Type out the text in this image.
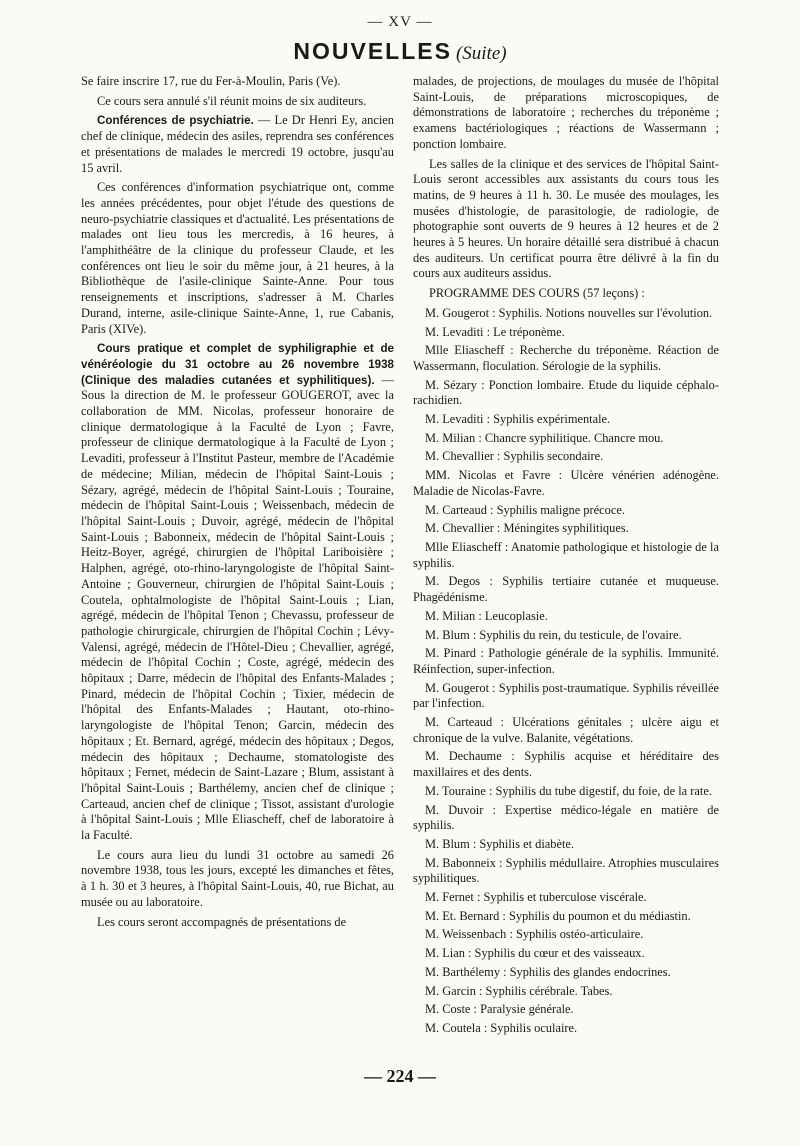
— XV —
NOUVELLES (Suite)

Se faire inscrire 17, rue du Fer-à-Moulin, Paris (Ve).

Ce cours sera annulé s'il réunit moins de six auditeurs.

Conférences de psychiatrie. — Le Dr Henri Ey, ancien chef de clinique, médecin des asiles, reprendra ses conférences et présentations de malades le mercredi 19 octobre, jusqu'au 15 avril.

Ces conférences d'information psychiatrique ont, comme les années précédentes, pour objet l'étude des questions de neuro-psychiatrie classiques et d'actualité. Les présentations de malades ont lieu tous les mercredis, à 16 heures, à l'amphithéâtre de la clinique du professeur Claude, et les conférences ont lieu le soir du même jour, à 21 heures, à la Bibliothèque de l'asile-clinique Sainte-Anne. Pour tous renseignements et inscriptions, s'adresser à M. Charles Durand, interne, asile-clinique Sainte-Anne, 1, rue Cabanis, Paris (XIVe).

Cours pratique et complet de syphiligraphie et de vénéréologie du 31 octobre au 26 novembre 1938 (Clinique des maladies cutanées et syphilitiques). — Sous la direction de M. le professeur GOUGEROT, avec la collaboration de MM. Nicolas, professeur honoraire de clinique dermatologique à la Faculté de Lyon ; Favre, professeur de clinique dermatologique à la Faculté de Lyon ; Levaditi, professeur à l'Institut Pasteur, membre de l'Académie de médecine; Milian, médecin de l'hôpital Saint-Louis ; Sézary, agrégé, médecin de l'hôpital Saint-Louis ; Touraine, médecin de l'hôpital Saint-Louis ; Weissenbach, médecin de l'hôpital Saint-Louis ; Duvoir, agrégé, médecin de l'hôpital Saint-Louis ; Babonneix, médecin de l'hôpital Saint-Louis ; Heitz-Boyer, agrégé, chirurgien de l'hôpital Lariboisière ; Halphen, agrégé, oto-rhino-laryngologiste de l'hôpital Saint-Antoine ; Gouverneur, chirurgien de l'hôpital Saint-Louis ; Coutela, ophtalmologiste de l'hôpital Saint-Louis ; Lian, agrégé, médecin de l'hôpital Tenon ; Chevassu, professeur de pathologie chirurgicale, chirurgien de l'hôpital Cochin ; Lévy-Valensi, agrégé, médecin de l'Hôtel-Dieu ; Chevallier, agrégé, médecin de l'hôpital Cochin ; Coste, agrégé, médecin des hôpitaux ; Darre, médecin de l'hôpital des Enfants-Malades ; Pinard, médecin de l'hôpital Cochin ; Tixier, médecin de l'hôpital des Enfants-Malades ; Hautant, oto-rhino-laryngologiste de l'hôpital Tenon; Garcin, médecin des hôpitaux ; Et. Bernard, agrégé, médecin des hôpitaux ; Degos, médecin des hôpitaux ; Dechaume, stomatologiste des hôpitaux ; Fernet, médecin de Saint-Lazare ; Blum, assistant à l'hôpital Saint-Louis ; Barthélemy, ancien chef de clinique ; Carteaud, ancien chef de clinique ; Tissot, assistant d'urologie à l'hôpital Saint-Louis ; Mlle Eliascheff, chef de laboratoire à la Faculté.

Le cours aura lieu du lundi 31 octobre au samedi 26 novembre 1938, tous les jours, excepté les dimanches et fêtes, à 1 h. 30 et 3 heures, à l'hôpital Saint-Louis, 40, rue Bichat, au musée ou au laboratoire.

Les cours seront accompagnés de présentations de

malades, de projections, de moulages du musée de l'hôpital Saint-Louis, de préparations microscopiques, de démonstrations de laboratoire ; recherches du tréponème ; examens bactériologiques ; réactions de Wassermann ; ponction lombaire.

Les salles de la clinique et des services de l'hôpital Saint-Louis seront accessibles aux assistants du cours tous les matins, de 9 heures à 11 h. 30. Le musée des moulages, les musées d'histologie, de parasitologie, de radiologie, de photographie sont ouverts de 9 heures à 12 heures et de 2 heures à 5 heures. Un horaire détaillé sera distribué à chacun des auditeurs. Un certificat pourra être délivré à la fin du cours aux auditeurs assidus.

PROGRAMME DES COURS (57 leçons) :

M. Gougerot : Syphilis. Notions nouvelles sur l'évolution.

M. Levaditi : Le tréponème.

Mlle Eliascheff : Recherche du tréponème. Réaction de Wassermann, floculation. Sérologie de la syphilis.

M. Sézary : Ponction lombaire. Etude du liquide céphalo-rachidien.

M. Levaditi : Syphilis expérimentale.

M. Milian : Chancre syphilitique. Chancre mou.

M. Chevallier : Syphilis secondaire.

MM. Nicolas et Favre : Ulcère vénérien adénogène. Maladie de Nicolas-Favre.

M. Carteaud : Syphilis maligne précoce.

M. Chevallier : Méningites syphilitiques.

Mlle Eliascheff : Anatomie pathologique et histologie de la syphilis.

M. Degos : Syphilis tertiaire cutanée et muqueuse. Phagédénisme.

M. Milian : Leucoplasie.

M. Blum : Syphilis du rein, du testicule, de l'ovaire.

M. Pinard : Pathologie générale de la syphilis. Immunité. Réinfection, super-infection.

M. Gougerot : Syphilis post-traumatique. Syphilis réveillée par l'infection.

M. Carteaud : Ulcérations génitales ; ulcère aigu et chronique de la vulve. Balanite, végétations.

M. Dechaume : Syphilis acquise et héréditaire des maxillaires et des dents.

M. Touraine : Syphilis du tube digestif, du foie, de la rate.

M. Duvoir : Expertise médico-légale en matière de syphilis.

M. Blum : Syphilis et diabète.

M. Babonneix : Syphilis médullaire. Atrophies musculaires syphilitiques.

M. Fernet : Syphilis et tuberculose viscérale.

M. Et. Bernard : Syphilis du poumon et du médiastin.

M. Weissenbach : Syphilis ostéo-articulaire.

M. Lian : Syphilis du cœur et des vaisseaux.

M. Barthélemy : Syphilis des glandes endocrines.

M. Garcin : Syphilis cérébrale. Tabes.

M. Coste : Paralysie générale.

M. Coutela : Syphilis oculaire.

— 224 —
